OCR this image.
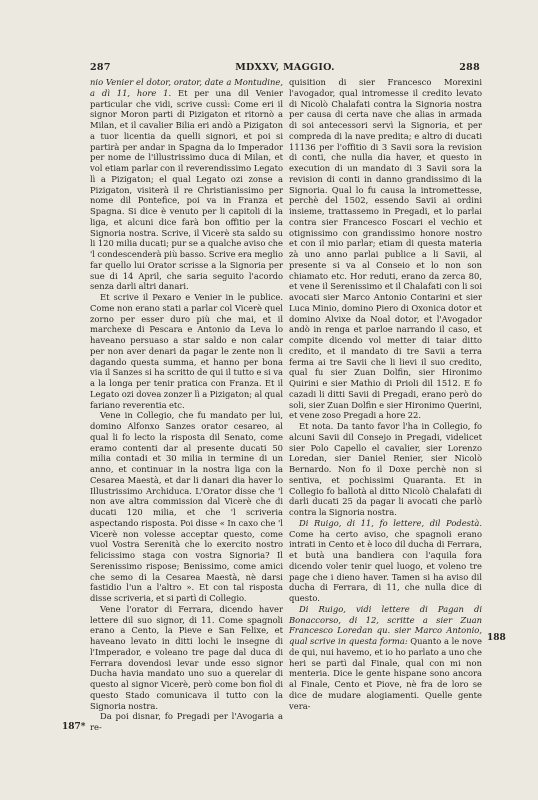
287	MDXXV, MAGGIO.	288

nio Venier el dotor, orator, date a Montudine, a dì 11, hore 1. Et per una dil Venier particular che vidi, scrive cussì: Come eri il signor Moron parti di Pizigaton et ritornò a Milan, et il cavalier Bilia eri andò a Pizigaton a tuor licentia da quelli signori, et poi si partirà per andar in Spagna da lo Imperador per nome de l'illustrissimo duca di Milan, et vol etiam parlar con il reverendissimo Legato lì a Pizigaton; el qual Legato ozi zonse a Pizigaton, visiterà il re Christianissimo per nome dil Pontefice, poi va in Franza et Spagna. Si dice è venuto per li capitoli di la liga, et alcuni dice farà bon offitio per la Signoria nostra. Scrive, il Vicerè sta saldo su li 120 milia ducati; pur se a qualche aviso che 'l condescenderà più basso. Scrive era meglio far quello lui Orator scrisse a la Signoria per sue di 14 April, che saria seguito l'acordo senza darli altri danari.

Et scrive il Pexaro e Venier in le publice. Come non erano stati a parlar col Vicerè quel zorno per esser duro più che mai, et il marchexe di Pescara e Antonio da Leva lo haveano persuaso a star saldo e non calar per non aver denari da pagar le zente non li dagando questa summa, et hanno per bona via il Sanzes si ha scritto de qui il tutto e si va a la longa per tenir pratica con Franza. Et il Legato ozi dovea zonzer lì a Pizigaton; al qual fariano reverentia etc.

Vene in Collegio, che fu mandato per lui, domino Alfonxo Sanzes orator cesareo, al qual li fo lecto la risposta dil Senato, come eramo contenti dar al presente ducati 50 milia contadi et 30 milia in termine di un anno, et continuar in la nostra liga con la Cesarea Maestà, et dar li danari dia haver lo Illustrissimo Archiduca. L'Orator disse che 'l non ave altra commission dal Vicerè che di ducati 120 milia, et che 'l scriveria aspectando risposta. Poi disse « In caxo che 'l Vicerè non volesse acceptar questo, come vuol Vostra Serenità che lo exercito nostro felicissimo staga con vostra Signoria? Il Serenissimo rispose; Benissimo, come amici che semo di la Cesarea Maestà, nè darsi fastidio l'un a l'altro ». Et con tal risposta disse scriveria, et si partì di Collegio.

Vene l'orator di Ferrara, dicendo haver lettere dil suo signor, di 11. Come spagnoli erano a Cento, la Pieve e San Felixe, et haveano levato in ditti lochi le insegne di l'Imperador, e voleano tre page dal duca di Ferrara dovendosi levar unde esso signor Ducha havia mandato uno suo a querelar di questo al signor Vicerè, però come bon fiol di questo Stado comunicava il tutto con la Signoria nostra.

Da poi disnar, fo Pregadi per l'Avogaria a re-

quisition di sier Francesco Morexini l'avogador, qual intromesse il credito levato di Nicolò Chalafati contra la Signoria nostra per causa di certa nave che alias in armada di soi antecessori servì la Signoria, et per compreda di la nave predita; e altro di ducati 11136 per l'offitio di 3 Savii sora la revision di conti, che nulla dia haver, et questo in execution di un mandato di 3 Savii sora la revision di conti in danno grandissimo di la Signoria. Qual lo fu causa la intromettesse, perchè del 1502, essendo Savii ai ordini insieme, trattassemo in Pregadi, et lo parlai contra sier Francesco Foscari el vechio et otignissimo con grandissimo honore nostro et con il mio parlar; etiam di questa materia zà uno anno parlai publice a li Savii, al presente si va al Conseio et lo non son chiamato etc. Hor reduti, erano da zerca 80, et vene il Serenissimo et il Chalafati con li soi avocati sier Marco Antonio Contarini et sier Luca Minio, domino Piero di Oxonica dotor et domino Alvixe da Noal dotor, et l'Avogador andò in renga et parloe narrando il caso, et compite dicendo vol metter di taiar ditto credito, et il mandato di tre Savii a terra ferma ai tre Savii che li lievi il suo credito, qual fu sier Zuan Dolfin, sier Hironimo Quirini e sier Mathio di Prioli dil 1512. E fo cazadi li ditti Savii di Pregadi, erano però do soli, sier Zuan Dolfin e sier Hironimo Querini, et vene zoso Pregadi a hore 22.

Et nota. Da tanto favor l'ha in Collegio, fo alcuni Savii dil Consejo in Pregadi, videlicet sier Polo Capello el cavalier, sier Lorenzo Loredan, sier Daniel Renier, sier Nicolò Bernardo. Non fo il Doxe perchè non si sentiva, et pochissimi Quaranta. Et in Collegio fo ballotà al ditto Nicolò Chalafati di darli ducati 25 da pagar li avocati che parlò contra la Signoria nostra.

Di Ruigo, di 11, fo lettere, dil Podestà. Come ha certo aviso, che spagnoli erano intrati in Cento et è loco dil ducha di Ferrara, et butà una bandiera con l'aquila fora dicendo voler tenir quel luogo, et voleno tre page che i dieno haver. Tamen si ha aviso dil ducha di Ferrara, di 11, che nulla dice di questo.

Di Ruigo, vidi lettere di Pagan di Bonaccorso, di 12, scritte a sier Zuan Francesco Loredan qu. sier Marco Antonio, qual scrive in questa forma: Quanto a le nove de qui, nui havemo, et io ho parlato a uno che heri se partì dal Finale, qual con mi non menteria. Dice le gente hispane sono ancora al Finale, Cento et Piove, nè fra de loro se dice de mudare alogiamenti. Quelle gente vera-

187*
188
